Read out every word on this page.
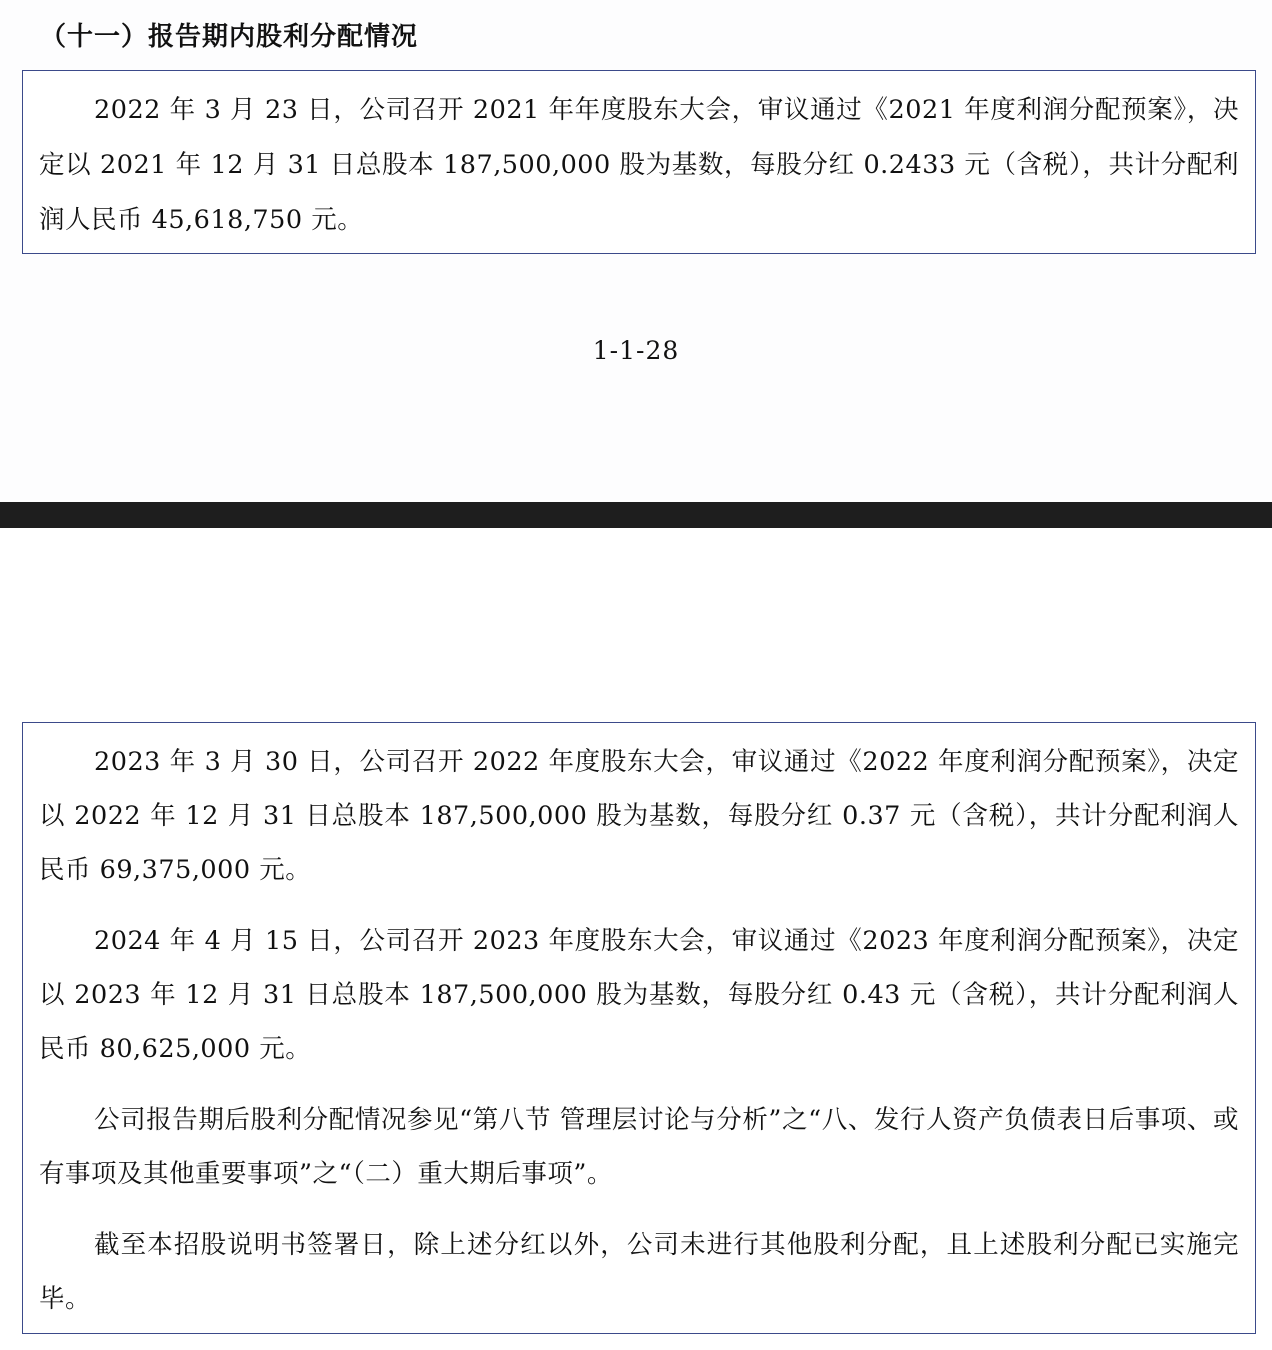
（十一）报告期内股利分配情况

2022 年 3 月 23 日，公司召开 2021 年年度股东大会，审议通过《2021 年度利润分配预案》，决定以 2021 年 12 月 31 日总股本 187,500,000 股为基数，每股分红 0.2433 元（含税），共计分配利润人民币 45,618,750 元。

1-1-28

2023 年 3 月 30 日，公司召开 2022 年度股东大会，审议通过《2022 年度利润分配预案》，决定以 2022 年 12 月 31 日总股本 187,500,000 股为基数，每股分红 0.37 元（含税），共计分配利润人民币 69,375,000 元。

2024 年 4 月 15 日，公司召开 2023 年度股东大会，审议通过《2023 年度利润分配预案》，决定以 2023 年 12 月 31 日总股本 187,500,000 股为基数，每股分红 0.43 元（含税），共计分配利润人民币 80,625,000 元。

公司报告期后股利分配情况参见“第八节 管理层讨论与分析”之“八、发行人资产负债表日后事项、或有事项及其他重要事项”之“（二）重大期后事项”。

截至本招股说明书签署日，除上述分红以外，公司未进行其他股利分配，且上述股利分配已实施完毕。
